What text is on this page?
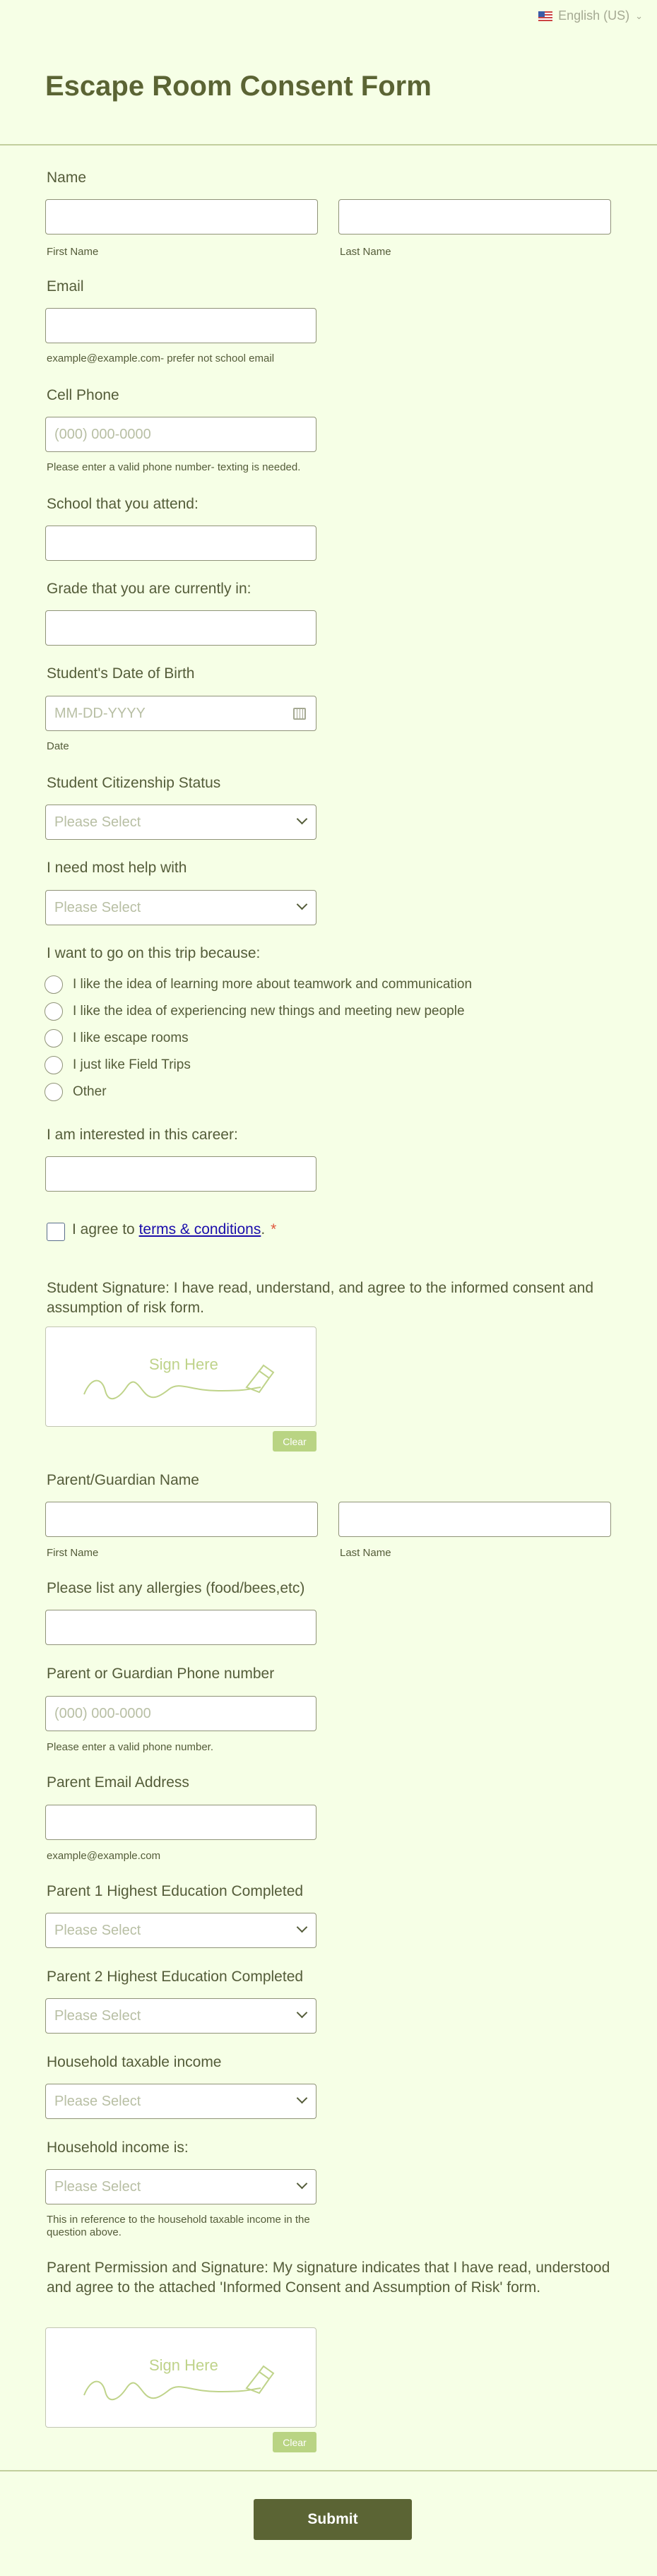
English (US) ⌄
Escape Room Consent Form
Name
First Name	Last Name
Email
example@example.com- prefer not school email
Cell Phone
(000) 000-0000
Please enter a valid phone number- texting is needed.
School that you attend:
Grade that you are currently in:
Student's Date of Birth
MM-DD-YYYY
Date
Student Citizenship Status
Please Select
I need most help with
Please Select
I want to go on this trip because:
I like the idea of learning more about teamwork and communication
I like the idea of experiencing new things and meeting new people
I like escape rooms
I just like Field Trips
Other
I am interested in this career:
I agree to terms & conditions. *
Student Signature: I have read, understand, and agree to the informed consent and assumption of risk form.
Sign Here
Clear
Parent/Guardian Name
First Name	Last Name
Please list any allergies (food/bees,etc)
Parent or Guardian Phone number
(000) 000-0000
Please enter a valid phone number.
Parent Email Address
example@example.com
Parent 1 Highest Education Completed
Please Select
Parent 2 Highest Education Completed
Please Select
Household taxable income
Please Select
Household income is:
Please Select
This in reference to the household taxable income in the question above.
Parent Permission and Signature: My signature indicates that I have read, understood and agree to the attached 'Informed Consent and Assumption of Risk' form.
Sign Here
Clear
Submit
